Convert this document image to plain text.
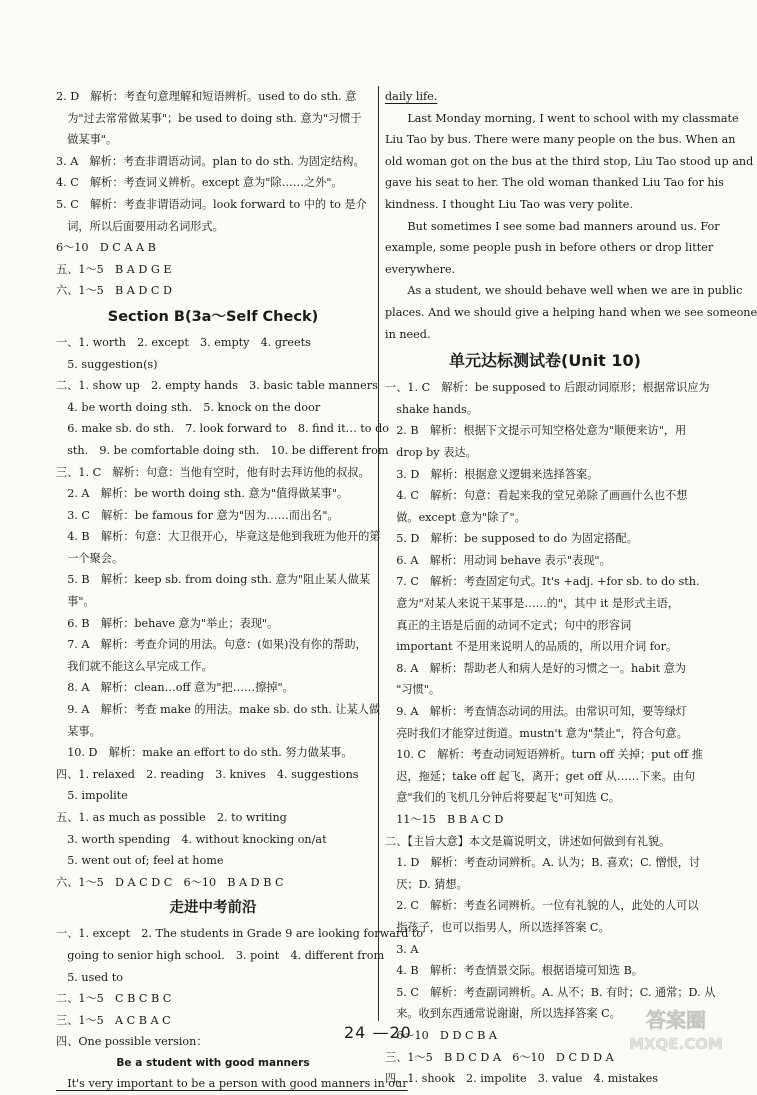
2. D　解析：考查句意理解和短语辨析。used to do sth. 意
　为"过去常常做某事"；be used to doing sth. 意为"习惯于
　做某事"。
3. A　解析：考查非谓语动词。plan to do sth. 为固定结构。
4. C　解析：考查词义辨析。except 意为"除……之外"。
5. C　解析：考查非谓语动词。look forward to 中的 to 是介
　词，所以后面要用动名词形式。
6～10　D C A A B
五、1～5　B A D G E
六、1～5　B A D C D
Section B(3a～Self Check)
一、1. worth　2. except　3. empty　4. greets
　5. suggestion(s)
二、1. show up　2. empty hands　3. basic table manners
　4. be worth doing sth.　5. knock on the door
　6. make sb. do sth.　7. look forward to　8. find it… to do
　sth.　9. be comfortable doing sth.　10. be different from
三、1. C　解析：句意：当他有空时，他有时去拜访他的叔叔。
　2. A　解析：be worth doing sth. 意为"值得做某事"。
　3. C　解析：be famous for 意为"因为……而出名"。
　4. B　解析：句意：大卫很开心，毕竟这是他到我班为他开的第
　一个聚会。
　5. B　解析：keep sb. from doing sth. 意为"阻止某人做某
　事"。
　6. B　解析：behave 意为"举止；表现"。
　7. A　解析：考查介词的用法。句意：(如果)没有你的帮助，
　我们就不能这么早完成工作。
　8. A　解析：clean…off 意为"把……擦掉"。
　9. A　解析：考查 make 的用法。make sb. do sth. 让某人做
　某事。
　10. D　解析：make an effort to do sth. 努力做某事。
四、1. relaxed　2. reading　3. knives　4. suggestions
　5. impolite
五、1. as much as possible　2. to writing
　3. worth spending　4. without knocking on/at
　5. went out of; feel at home
六、1～5　D A C D C　6～10　B A D B C
走进中考前沿
一、1. except　2. The students in Grade 9 are looking forward to
　going to senior high school.　3. point　4. different from
　5. used to
二、1～5　C B C B C
三、1～5　A C B A C
四、One possible version：
Be a student with good manners
　It's very important to be a person with good manners in our
daily life.
　　Last Monday morning, I went to school with my classmate
Liu Tao by bus. There were many people on the bus. When an
old woman got on the bus at the third stop, Liu Tao stood up and
gave his seat to her. The old woman thanked Liu Tao for his
kindness. I thought Liu Tao was very polite.
　　But sometimes I see some bad manners around us. For
example, some people push in before others or drop litter
everywhere.
　　As a student, we should behave well when we are in public
places. And we should give a helping hand when we see someone
in need.
单元达标测试卷(Unit 10)
一、1. C　解析：be supposed to 后跟动词原形；根据常识应为
　shake hands。
　2. B　解析：根据下文提示可知空格处意为"顺便来访"，用
　drop by 表达。
　3. D　解析：根据意义逻辑来选择答案。
　4. C　解析：句意：看起来我的堂兄弟除了画画什么也不想
　做。except 意为"除了"。
　5. D　解析：be supposed to do 为固定搭配。
　6. A　解析：用动词 behave 表示"表现"。
　7. C　解析：考查固定句式。It's +adj. +for sb. to do sth.
　意为"对某人来说干某事是……的"，其中 it 是形式主语，
　真正的主语是后面的动词不定式；句中的形容词
　important 不是用来说明人的品质的，所以用介词 for。
　8. A　解析：帮助老人和病人是好的习惯之一。habit 意为
　"习惯"。
　9. A　解析：考查情态动词的用法。由常识可知，要等绿灯
　亮时我们才能穿过街道。mustn't 意为"禁止"，符合句意。
　10. C　解析：考查动词短语辨析。turn off 关掉；put off 推
　迟，拖延；take off 起飞，离开；get off 从……下来。由句
　意"我们的飞机几分钟后将要起飞"可知选 C。
　11～15　B B A C D
二、【主旨大意】本文是篇说明文，讲述如何做到有礼貌。
　1. D　解析：考查动词辨析。A. 认为；B. 喜欢；C. 憎恨，讨
　厌；D. 猜想。
　2. C　解析：考查名词辨析。一位有礼貌的人，此处的人可以
　指孩子，也可以指男人，所以选择答案 C。
　3. A
　4. B　解析：考查情景交际。根据语境可知选 B。
　5. C　解析：考查副词辨析。A. 从不；B. 有时；C. 通常；D. 从
　来。收到东西通常说谢谢，所以选择答案 C。
　6～10　D D C B A
三、1～5　B D C D A　6～10　D C D D A
四、1. shook　2. impolite　3. value　4. mistakes
24 —20
答案圈
MXQE.COM
